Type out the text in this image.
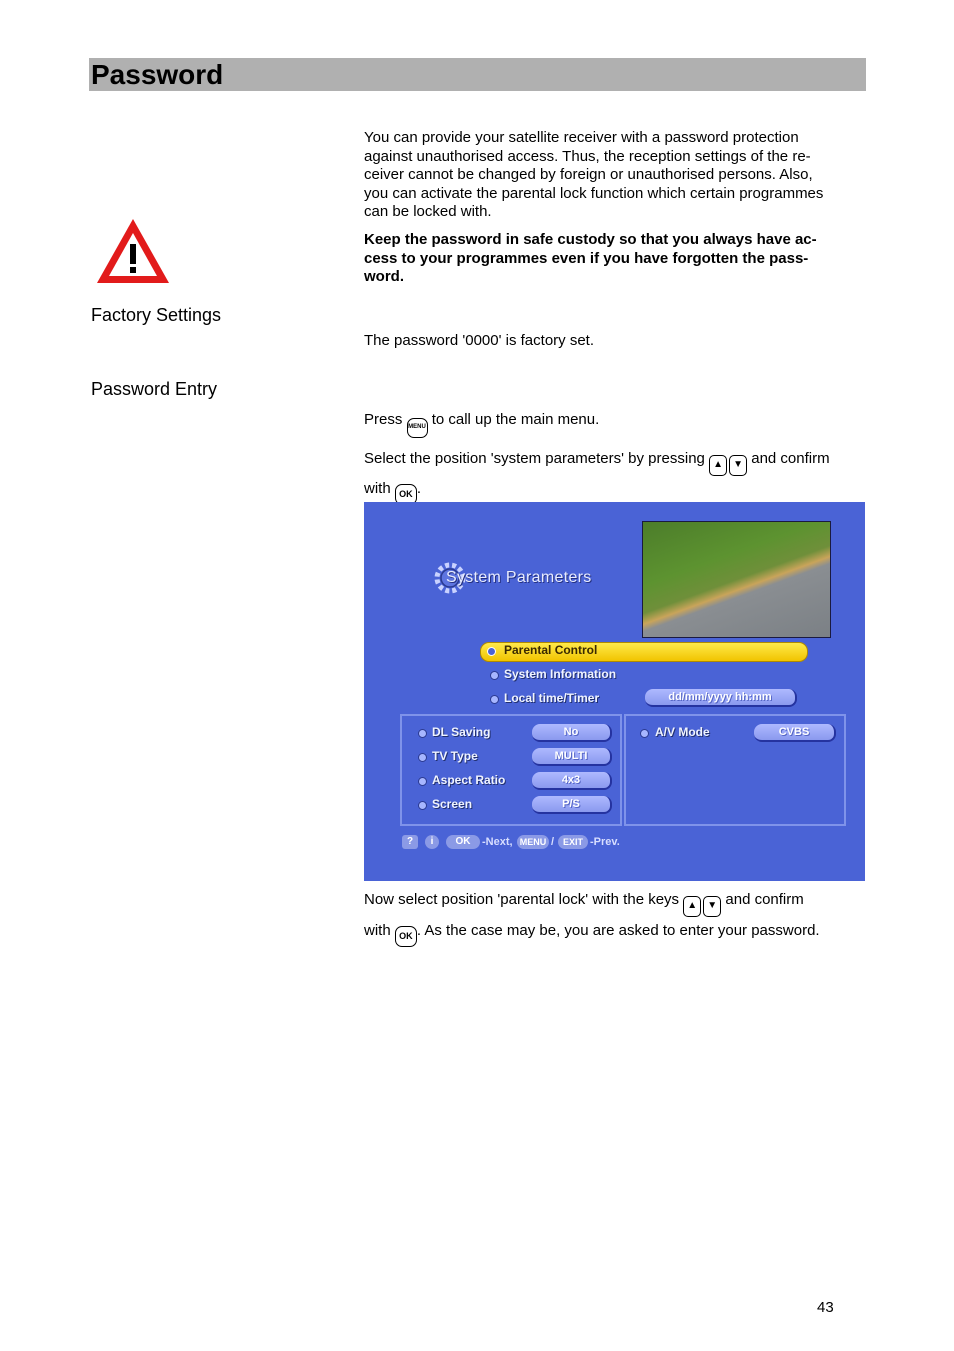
Password
Factory Settings
Password Entry
You can provide your satellite receiver with a password protection
against unauthorised access. Thus, the reception settings of the re-
ceiver cannot be changed by foreign or unauthorised persons. Also,
you can activate the parental lock function which certain programmes
can be locked with.
Keep the password in safe custody so that you always have ac-
cess to your programmes even if you have forgotten the pass-
word.
The password '0000' is factory set.
Press MENU to call up the main menu.
Select the position 'system parameters' by pressing ▲ ▼ and confirm
with OK .
System Parameters
Parental Control
System Information
Local time/Timer	dd/mm/yyyy hh:mm
DL Saving	No
TV Type	MULTI
Aspect Ratio	4x3
Screen	P/S
A/V Mode	CVBS
?	i	OK	-Next, MENU / EXIT -Prev.
Now select position 'parental lock' with the keys ▲ ▼ and confirm
with OK . As the case may be, you are asked to enter your password.
43
